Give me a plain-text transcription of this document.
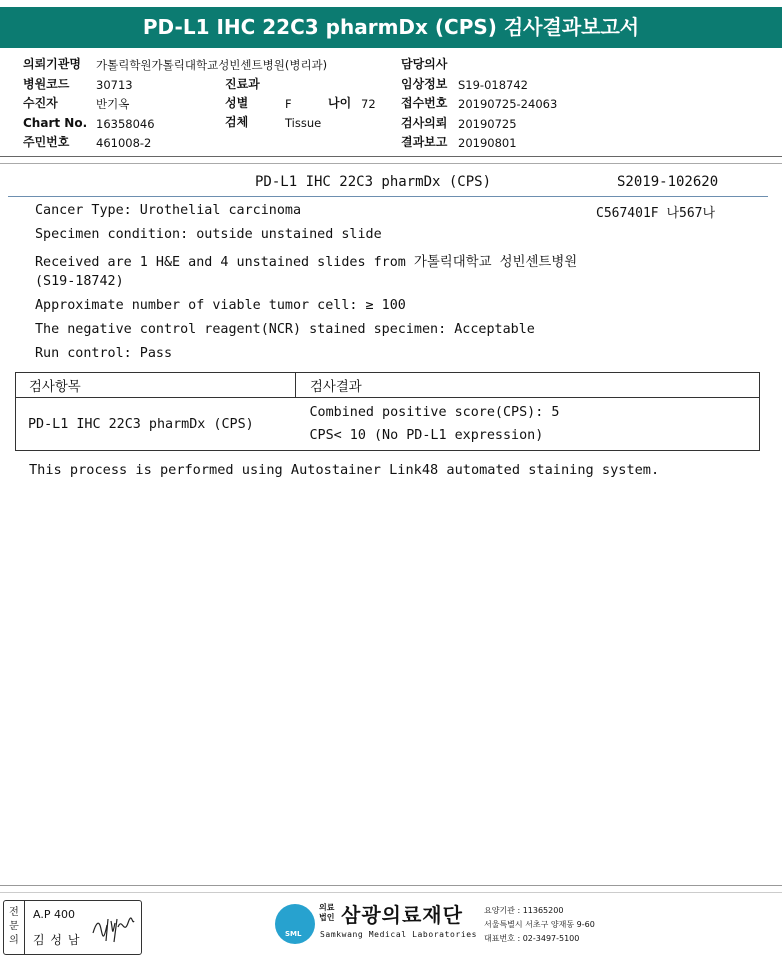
PD-L1 IHC 22C3 pharmDx (CPS) 검사결과보고서
의뢰기관명 가톨릭학원가톨릭대학교성빈센트병원(병리과)
병원코드 30713
수진자	반기옥
Chart No. 16358046
주민번호 461008-2
진료과
성별	F	나이 72
검체	Tissue
담당의사
임상정보 S19-018742
접수번호 20190725-24063
검사의뢰 20190725
결과보고 20190801
PD-L1 IHC 22C3 pharmDx (CPS)	S2019-102620
C567401F 나567나
Cancer Type: Urothelial carcinoma
Specimen condition: outside unstained slide
Received are 1 H&E and 4 unstained slides from 가톨릭대학교 성빈센트병원
(S19-18742)
Approximate number of viable tumor cell: ≥ 100
The negative control reagent(NCR) stained specimen: Acceptable
Run control: Pass
검사항목	검사결과
PD-L1 IHC 22C3 pharmDx (CPS)	Combined positive score(CPS): 5
CPS< 10 (No PD-L1 expression)
This process is performed using Autostainer Link48 automated staining system.
전
문
의
A.P 400
김 성 남	SML
의료
법인 삼광의료재단
Samkwang Medical Laboratories
요양기관 : 11365200
서울특별시 서초구 양재동 9-60
대표번호 : 02-3497-5100
